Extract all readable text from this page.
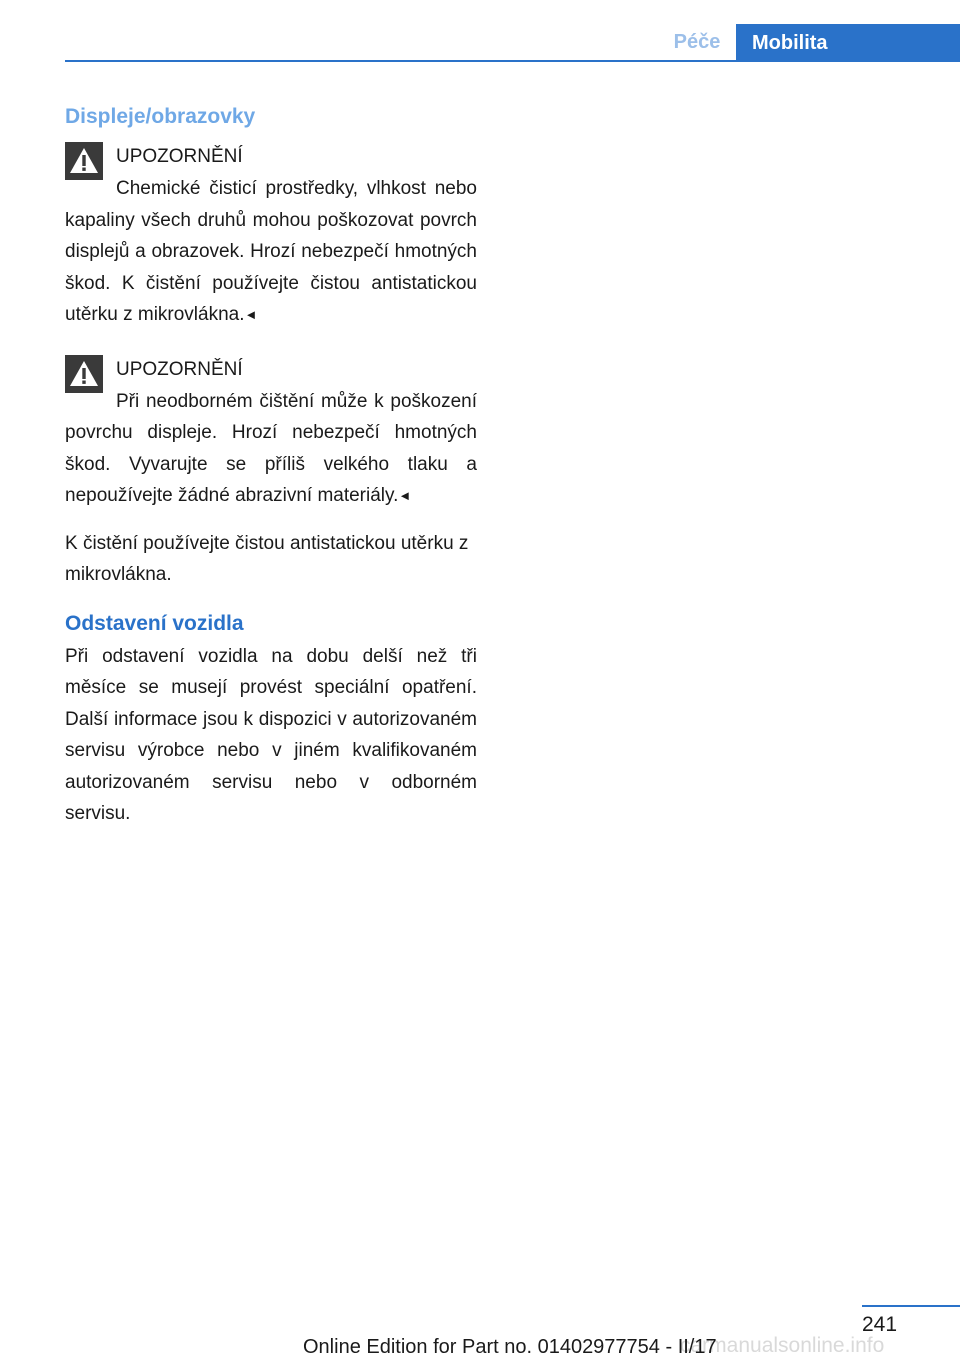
Péče	Mobilita
Displeje/obrazovky

UPOZORNĚNÍ

Chemické čisticí prostředky, vlhkost nebo kapaliny všech druhů mohou poškozovat povrch displejů a obrazovek. Hrozí nebezpečí hmotných škod. K čistění používejte čistou antistatickou utěrku z mikrovlákna.◄

UPOZORNĚNÍ

Při neodborném čištění může k poškození povrchu displeje. Hrozí nebezpečí hmotných škod. Vyvarujte se příliš velkého tlaku a nepoužívejte žádné abrazivní materiály.◄

K čistění používejte čistou antistatickou utěrku z mikrovlákna.

Odstavení vozidla

Při odstavení vozidla na dobu delší než tři měsíce se musejí provést speciální opatření. Další informace jsou k dispozici v autorizovaném servisu výrobce nebo v jiném kvalifikovaném autorizovaném servisu nebo v odborném servisu.

241
carmanualsonline.info
Online Edition for Part no. 01402977754 - II/17
